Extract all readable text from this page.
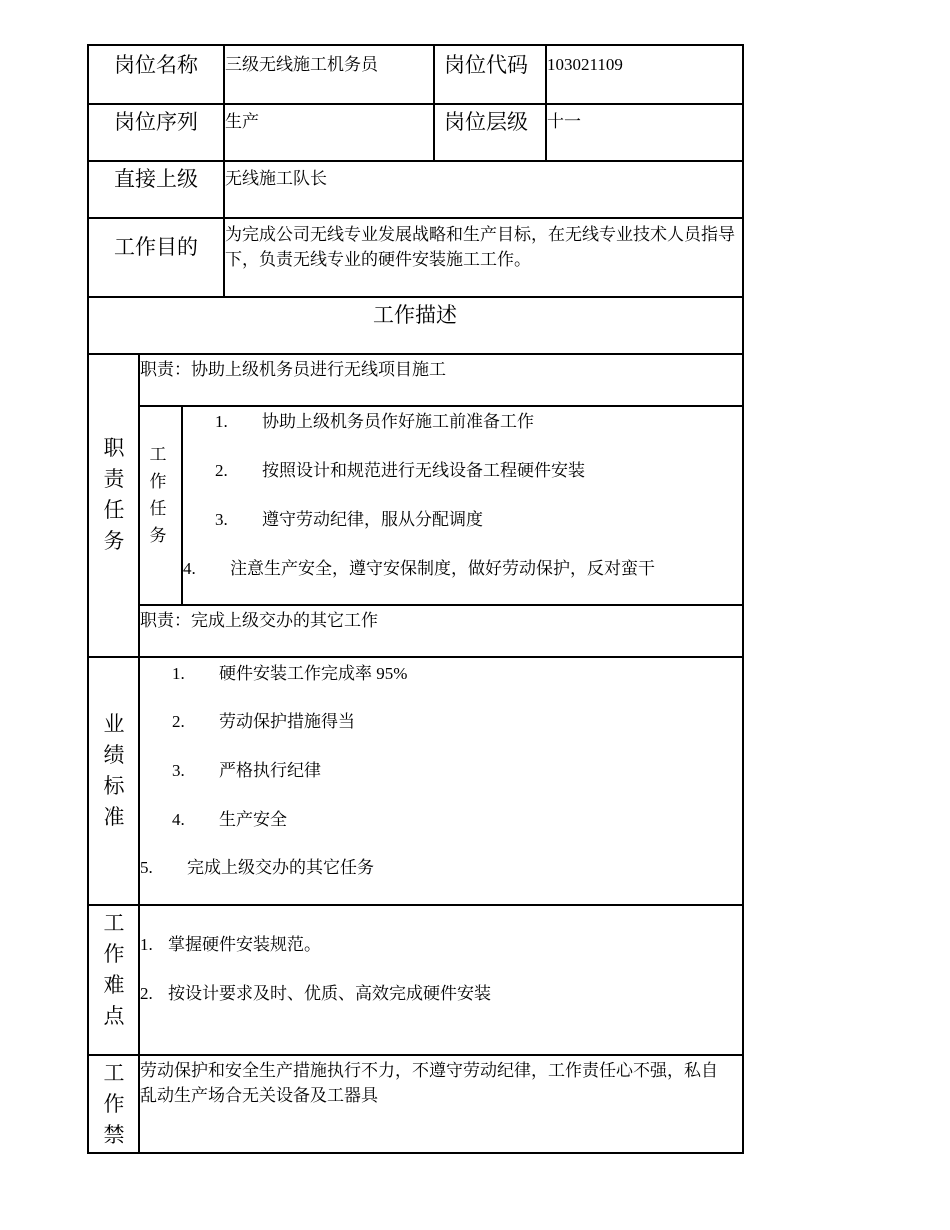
岗位名称 三级无线施工机务员	岗位代码 103021109
岗位序列 生产	岗位层级 十一
直接上级 无线施工队长
工作目的
为完成公司无线专业发展战略和生产目标，在无线专业技术人员指导下，负责无线专业的硬件安装施工工作。
工作描述
职
责
任
务
职责：协助上级机务员进行无线项目施工
工
作
任
务
1. 协助上级机务员作好施工前准备工作
2. 按照设计和规范进行无线设备工程硬件安装
3. 遵守劳动纪律，服从分配调度
4. 注意生产安全，遵守安保制度，做好劳动保护，反对蛮干
职责：完成上级交办的其它工作
业
绩
标
准
1. 硬件安装工作完成率 95%
2. 劳动保护措施得当
3. 严格执行纪律
4. 生产安全
5. 完成上级交办的其它任务
工
作
难
点
1. 掌握硬件安装规范。
2. 按设计要求及时、优质、高效完成硬件安装
工
作
禁
劳动保护和安全生产措施执行不力，不遵守劳动纪律，工作责任心不强，私自乱动生产场合无关设备及工器具
